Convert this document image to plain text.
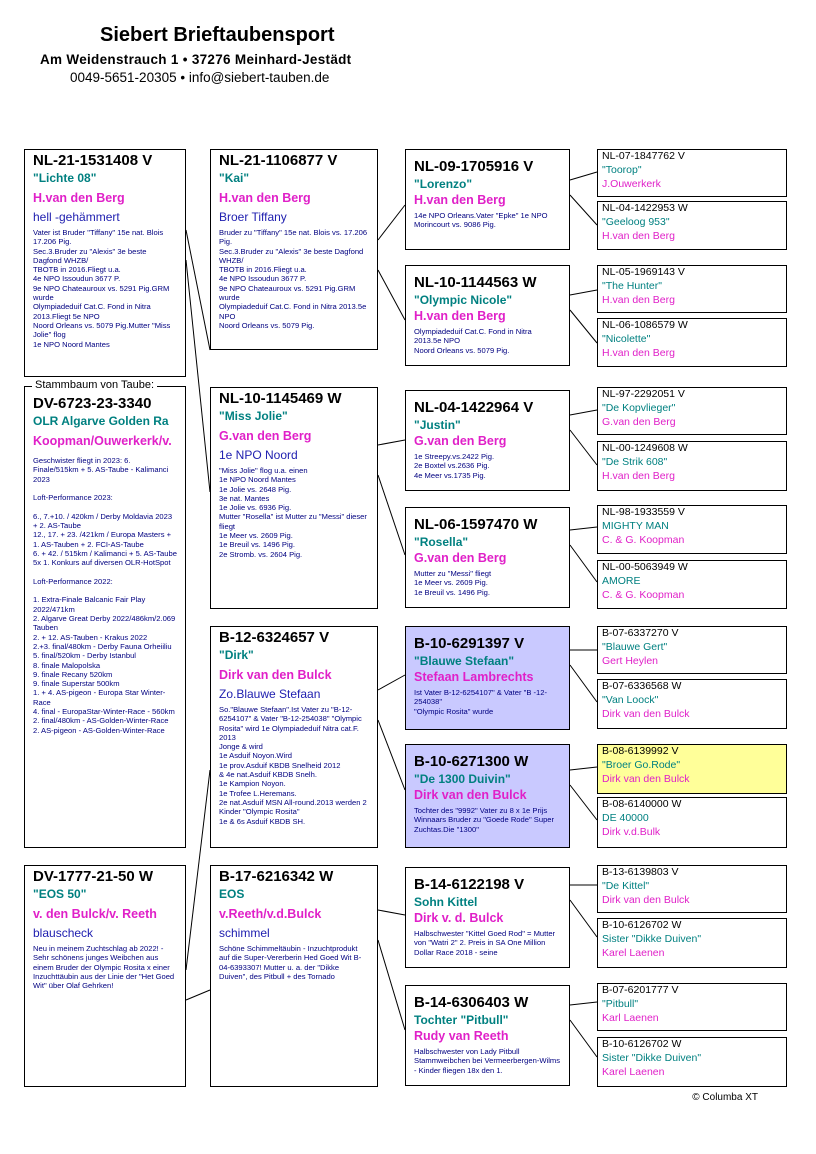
Siebert Brieftaubensport
Am Weidenstrauch 1 • 37276 Meinhard-Jestädt
0049-5651-20305 • info@siebert-tauben.de
NL-21-1531408 V
"Lichte 08"
H.van den Berg
hell -gehämmert
Vater ist Bruder "Tiffany" 15e nat. Blois 17.206 Pig.
Sec.3.Bruder zu "Alexis" 3e beste Dagfond WHZB/
TBOTB in 2016.Fliegt u.a.
4e NPO Issoudun 3677 P.
9e NPO Chateauroux vs. 5291 Pig.GRM wurde
Olympiadeduif Cat.C. Fond in Nitra 2013.Fliegt 5e NPO
Noord Orleans vs. 5079 Pig.Mutter "Miss Jolie" flog
1e NPO Noord Mantes
Stammbaum von Taube:
DV-6723-23-3340
OLR Algarve Golden Ra
Koopman/Ouwerkerk/v.
Geschwister fliegt in 2023: 6. Finale/515km + 5. AS-Taube - Kalimanci 2023

Loft-Performance 2023:

6., 7.+10. / 420km / Derby Moldavia 2023 + 2. AS-Taube
12., 17. + 23. /421km / Europa Masters + 1. AS-Tauben + 2. FCI-AS-Taube
6. + 42. / 515km / Kalimanci + 5. AS-Taube
5x 1. Konkurs auf diversen OLR-HotSpot

Loft-Performance 2022:

1. Extra-Finale Balcanic Fair Play 2022/471km
2. Algarve Great Derby 2022/486km/2.069 Tauben
2. + 12. AS-Tauben - Krakus 2022
2.+3. final/480km - Derby Fauna Orheiiliu
5. final/520km - Derby Istanbul
8. finale Malopolska
9. finale Recany 520km
9. finale Superstar 500km
1. + 4. AS-pigeon - Europa Star Winter-Race
4. final - EuropaStar-Winter-Race - 560km
2. final/480km - AS-Golden-Winter-Race
2. AS-pigeon - AS-Golden-Winter-Race
DV-1777-21-50 W
"EOS 50"
v. den Bulck/v. Reeth
blauscheck
Neu in meinem Zuchtschlag ab 2022! - Sehr schönens junges Weibchen aus einem Bruder der Olympic Rosita x einer Inzuchttäubin aus der Linie der "Het Goed Wit" über Olaf Gehrken!
NL-21-1106877 V
"Kai"
H.van den Berg
Broer Tiffany
Bruder zu "Tiffany" 15e nat. Blois vs. 17.206 Pig.
Sec.3.Bruder zu "Alexis" 3e beste Dagfond WHZB/
TBOTB in 2016.Fliegt u.a.
4e NPO Issoudun 3677 P.
9e NPO Chateauroux vs. 5291 Pig.GRM wurde
Olympiadeduif Cat.C. Fond in Nitra 2013.5e NPO
Noord Orleans vs. 5079 Pig.
NL-10-1145469 W
"Miss Jolie"
G.van den Berg
1e NPO Noord
"Miss Jolie" flog u.a. einen
1e NPO Noord Mantes
1e Jolie vs. 2648 Pig.
3e nat. Mantes
1e Jolie vs. 6936 Pig.
Mutter "Rosella" ist Mutter zu "Messi" dieser fliegt
1e Meer vs. 2609 Pig.
1e Breuil vs. 1496 Pig.
2e Stromb. vs. 2604 Pig.
B-12-6324657 V
"Dirk"
Dirk van den Bulck
Zo.Blauwe Stefaan
So."Blauwe Stefaan".Ist Vater zu "B-12-6254107" & Vater "B-12-254038" "Olympic Rosita" wird 1e Olympiadeduif Nitra cat.F. 2013
Jonge & wird
1e Asduif Noyon.Wird
1e prov.Asduif KBDB Snelheid 2012
& 4e nat.Asduif KBDB Snelh.
1e Kampion Noyon.
1e Trofee L.Heremans.
2e nat.Asduif MSN All-round.2013 werden 2 Kinder "Olympic Rosita"
1e & 6s Asduif KBDB SH.
B-17-6216342 W
EOS
v.Reeth/v.d.Bulck
schimmel
Schöne Schimmeltäubin - Inzuchtprodukt auf die Super-Vererberin Hed Goed Wit B-04-6393307! Mutter u. a. der "Dikke Duiven", des Pitbull + des Tornado
NL-09-1705916 V
"Lorenzo"
H.van den Berg
14e NPO Orleans.Vater "Epke" 1e NPO Morincourt vs. 9086 Pig.
NL-10-1144563 W
"Olympic Nicole"
H.van den Berg
Olympiadeduif Cat.C. Fond in Nitra 2013.5e NPO
Noord Orleans vs. 5079 Pig.
NL-04-1422964 V
"Justin"
G.van den Berg
1e Streepy.vs.2422 Pig.
2e Boxtel vs.2636 Pig.
4e Meer vs.1735 Pig.
NL-06-1597470 W
"Rosella"
G.van den Berg
Mutter zu "Messi" fliegt
1e Meer vs. 2609 Pig.
1e Breuil vs. 1496 Pig.
B-10-6291397 V
"Blauwe Stefaan"
Stefaan Lambrechts
Ist Vater B-12-6254107" & Vater "B -12-254038"
"Olympic Rosita" wurde
B-10-6271300 W
"De 1300 Duivin"
Dirk van den Bulck
Tochter des "9992" Vater zu 8 x 1e Prijs Winnaars Bruder zu "Goede Rode" Super Zuchtas.Die "1300"
B-14-6122198 V
Sohn Kittel
Dirk v. d. Bulck
Halbschwester "Kittel Goed Rod" = Mutter von "Watri 2" 2. Preis in SA One Million Dollar Race 2018 - seine
B-14-6306403 W
Tochter "Pitbull"
Rudy van Reeth
Halbschwester von Lady Pitbull Stammweibchen bei Vermeerbergen-Wilms - Kinder fliegen 18x den 1.
NL-07-1847762 V
"Toorop"
J.Ouwerkerk
NL-04-1422953 W
"Geeloog 953"
H.van den Berg
NL-05-1969143 V
"The Hunter"
H.van den Berg
NL-06-1086579 W
"Nicolette"
H.van den Berg
NL-97-2292051 V
"De Kopvlieger"
G.van den Berg
NL-00-1249608 W
"De Strik 608"
H.van den Berg
NL-98-1933559 V
MIGHTY MAN
C. & G. Koopman
NL-00-5063949 W
AMORE
C. & G. Koopman
B-07-6337270 V
"Blauwe Gert"
Gert Heylen
B-07-6336568 W
"Van Loock"
Dirk van den Bulck
B-08-6139992 V
"Broer Go.Rode"
Dirk van den Bulck
B-08-6140000 W
DE 40000
Dirk v.d.Bulk
B-13-6139803 V
"De Kittel"
Dirk van den Bulck
B-10-6126702 W
Sister "Dikke Duiven"
Karel Laenen
B-07-6201777 V
"Pitbull"
Karl Laenen
B-10-6126702 W
Sister "Dikke Duiven"
Karel Laenen
© Columba XT
